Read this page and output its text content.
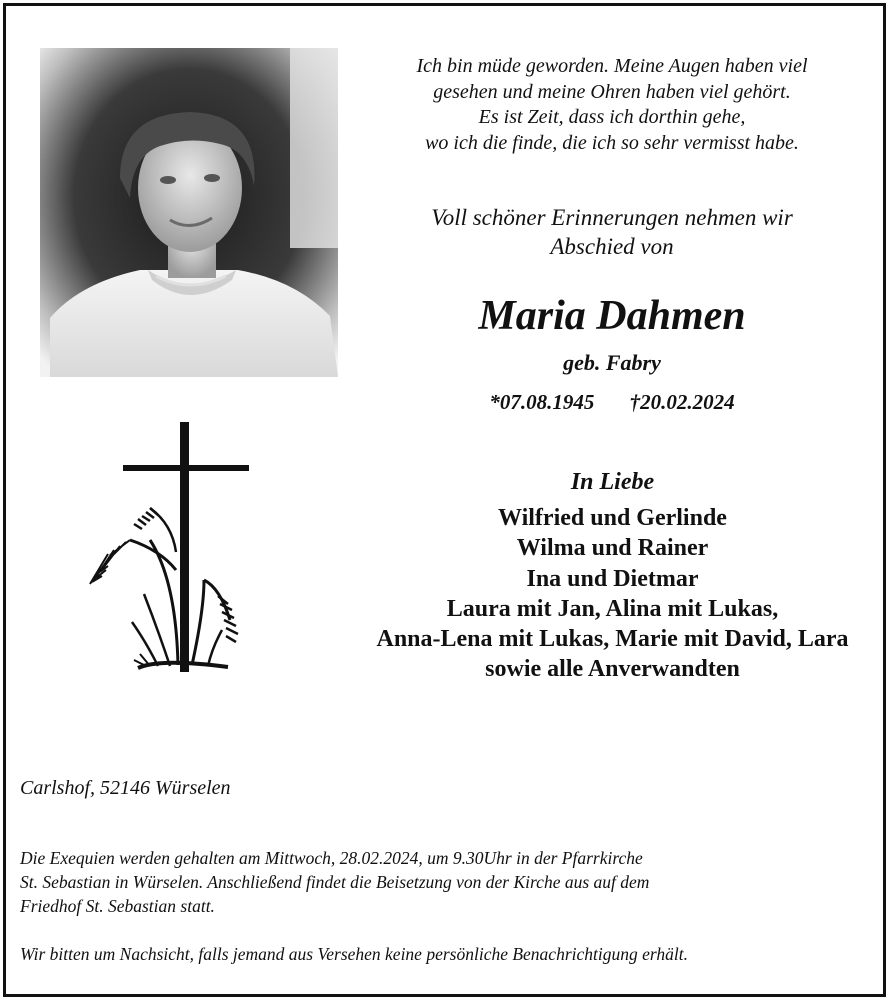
Ich bin müde geworden. Meine Augen haben viel
gesehen und meine Ohren haben viel gehört.
Es ist Zeit, dass ich dorthin gehe,
wo ich die finde, die ich so sehr vermisst habe.
Voll schöner Erinnerungen nehmen wir
Abschied von
Maria Dahmen
geb. Fabry
*07.08.1945 †20.02.2024
In Liebe
Wilfried und Gerlinde
Wilma und Rainer
Ina und Dietmar
Laura mit Jan, Alina mit Lukas,
Anna-Lena mit Lukas, Marie mit David, Lara
sowie alle Anverwandten
Carlshof, 52146 Würselen
Die Exequien werden gehalten am Mittwoch, 28.02.2024, um 9.30Uhr in der Pfarrkirche
St. Sebastian in Würselen. Anschließend findet die Beisetzung von der Kirche aus auf dem
Friedhof St. Sebastian statt.
Wir bitten um Nachsicht, falls jemand aus Versehen keine persönliche Benachrichtigung erhält.
